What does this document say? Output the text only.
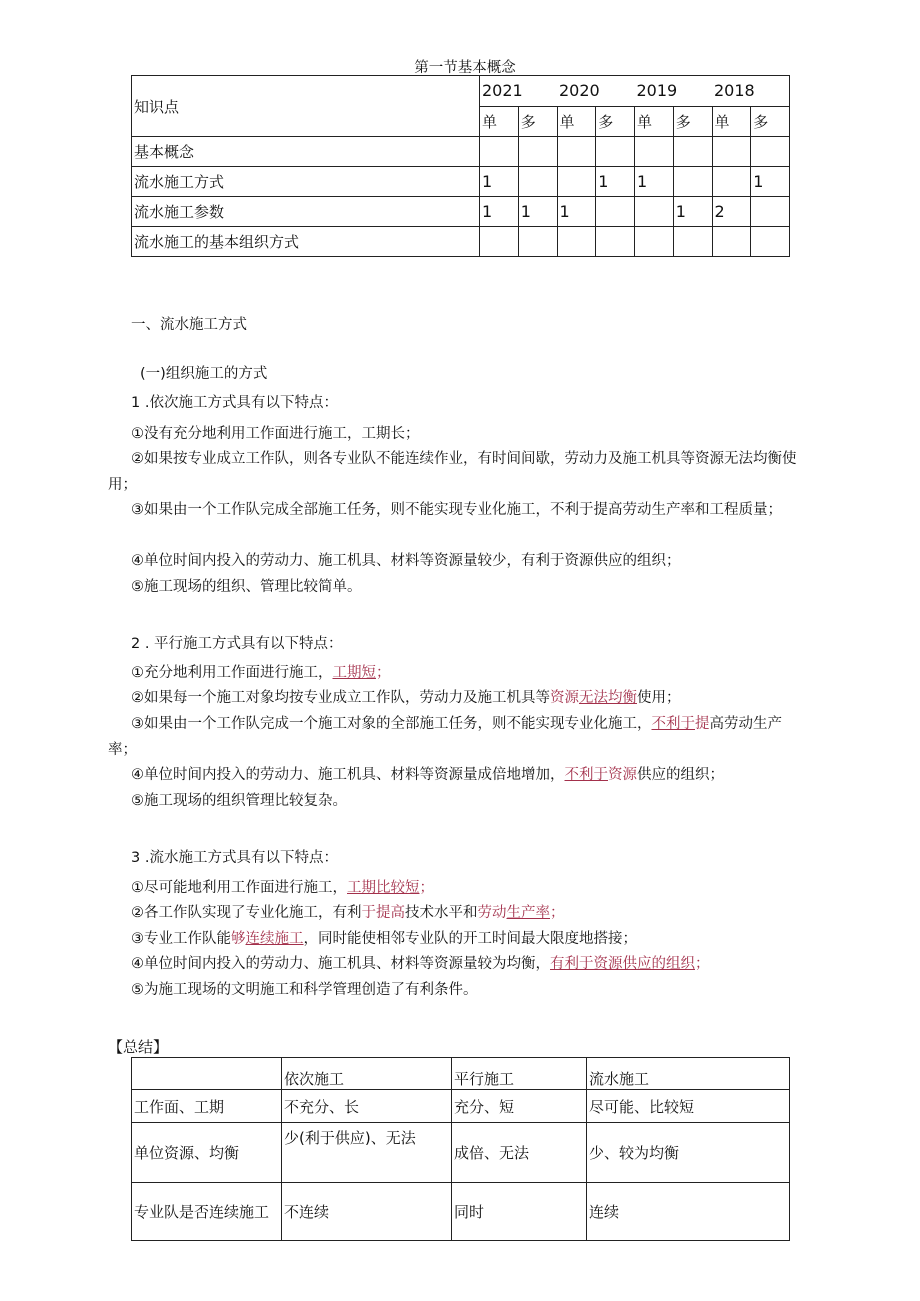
第一节基本概念
知识点	2021		2020		2019		2018	
	单	多	单	多	单	多	单	多
基本概念								
流水施工方式	1			1	1			1
流水施工参数	1	1	1			1	2	
流水施工的基本组织方式								
一、流水施工方式
(一)组织施工的方式
1 .依次施工方式具有以下特点：
①没有充分地利用工作面进行施工，工期长；
②如果按专业成立工作队，则各专业队不能连续作业，有时间间歇，劳动力及施工机具等资源无法均衡使用；
③如果由一个工作队完成全部施工任务，则不能实现专业化施工，不利于提高劳动生产率和工程质量；
④单位时间内投入的劳动力、施工机具、材料等资源量较少，有利于资源供应的组织；
⑤施工现场的组织、管理比较简单。
2 . 平行施工方式具有以下特点：
①充分地利用工作面进行施工，工期短；
②如果每一个施工对象均按专业成立工作队，劳动力及施工机具等资源无法均衡使用；
③如果由一个工作队完成一个施工对象的全部施工任务，则不能实现专业化施工，不利于提高劳动生产率；
④单位时间内投入的劳动力、施工机具、材料等资源量成倍地增加，不利于资源供应的组织；
⑤施工现场的组织管理比较复杂。
3 .流水施工方式具有以下特点：
①尽可能地利用工作面进行施工，工期比较短；
②各工作队实现了专业化施工，有利于提高技术水平和劳动生产率；
③专业工作队能够连续施工，同时能使相邻专业队的开工时间最大限度地搭接；
④单位时间内投入的劳动力、施工机具、材料等资源量较为均衡，有利于资源供应的组织；
⑤为施工现场的文明施工和科学管理创造了有利条件。
【总结】
	依次施工	平行施工	流水施工
工作面、工期	不充分、长	充分、短	尽可能、比较短
单位资源、均衡	少(利于供应)、无法	成倍、无法	少、较为均衡
专业队是否连续施工	不连续	同时	连续
